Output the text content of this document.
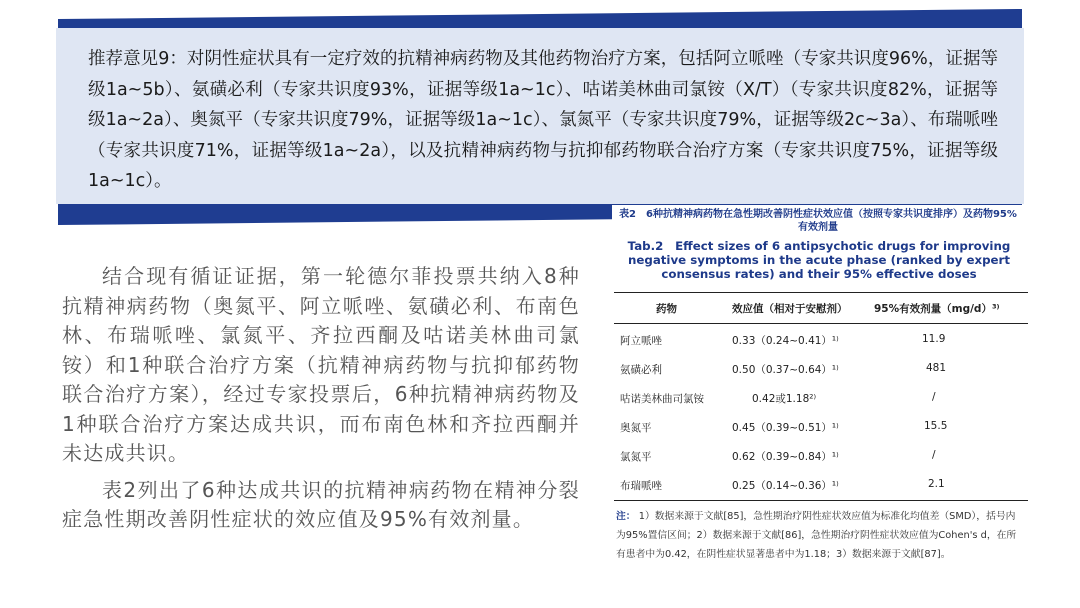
推荐意见9：对阴性症状具有一定疗效的抗精神病药物及其他药物治疗方案，包括阿立哌唑（专家共识度96%，证据等级1a~5b）、氨磺必利（专家共识度93%，证据等级1a~1c）、咕诺美林曲司氯铵（X/T）（专家共识度82%，证据等级1a~2a）、奥氮平（专家共识度79%，证据等级1a~1c）、氯氮平（专家共识度79%，证据等级2c~3a）、布瑞哌唑（专家共识度71%，证据等级1a~2a），以及抗精神病药物与抗抑郁药物联合治疗方案（专家共识度75%，证据等级1a~1c）。

结合现有循证证据，第一轮德尔菲投票共纳入8种抗精神病药物（奥氮平、阿立哌唑、氨磺必利、布南色林、布瑞哌唑、氯氮平、齐拉西酮及咕诺美林曲司氯铵）和1种联合治疗方案（抗精神病药物与抗抑郁药物联合治疗方案），经过专家投票后，6种抗精神病药物及1种联合治疗方案达成共识，而布南色林和齐拉西酮并未达成共识。

表2列出了6种达成共识的抗精神病药物在精神分裂症急性期改善阴性症状的效应值及95%有效剂量。

表2　6种抗精神病药物在急性期改善阴性症状效应值（按照专家共识度排序）及药物95%有效剂量
Tab.2　Effect sizes of 6 antipsychotic drugs for improving negative symptoms in the acute phase (ranked by expert consensus rates) and their 95% effective doses
药物	效应值（相对于安慰剂）	95%有效剂量（mg/d）³⁾
阿立哌唑	0.33（0.24~0.41）¹⁾	11.9
氨磺必利	0.50（0.37~0.64）¹⁾	481
咕诺美林曲司氯铵	0.42或1.18²⁾	/
奥氮平	0.45（0.39~0.51）¹⁾	15.5
氯氮平	0.62（0.39~0.84）¹⁾	/
布瑞哌唑	0.25（0.14~0.36）¹⁾	2.1
注： 1）数据来源于文献[85]，急性期治疗阴性症状效应值为标准化均值差（SMD），括号内为95%置信区间；2）数据来源于文献[86]，急性期治疗阴性症状效应值为Cohen's d，在所有患者中为0.42，在阴性症状显著患者中为1.18；3）数据来源于文献[87]。
